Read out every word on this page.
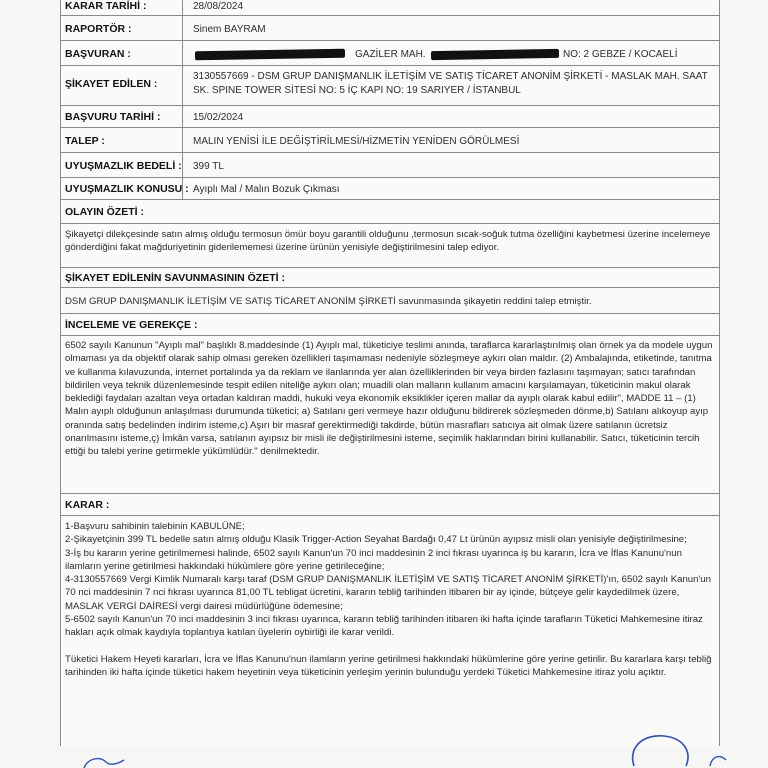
KARAR TARİHİ :	28/08/2024
RAPORTÖR :	Sinem BAYRAM
BAŞVURAN :	GAZİLER MAH.	NO: 2 GEBZE / KOCAELİ
ŞİKAYET EDİLEN :
3130557669 - DSM GRUP DANIŞMANLIK İLETİŞİM VE SATIŞ TİCARET ANONİM ŞİRKETİ - MASLAK MAH. SAAT SK. SPINE TOWER SİTESİ NO: 5 İÇ KAPI NO: 19 SARIYER / İSTANBUL
BAŞVURU TARİHİ :	15/02/2024
TALEP :	MALIN YENİSİ İLE DEĞİŞTİRİLMESİ/HİZMETİN YENİDEN GÖRÜLMESİ
UYUŞMAZLIK BEDELİ : 399 TL
UYUŞMAZLIK KONUSU : Ayıplı Mal / Malın Bozuk Çıkması
OLAYIN ÖZETİ :
Şikayetçi dilekçesinde satın almış olduğu termosun ömür boyu garantili olduğunu ,termosun sıcak-soğuk tutma özelliğini kaybetmesi üzerine incelemeye gönderdiğini fakat mağduriyetinin giderilememesi üzerine ürünün yenisiyle değiştirilmesini talep ediyor.
ŞİKAYET EDİLENİN SAVUNMASININ ÖZETİ :
DSM GRUP DANIŞMANLIK İLETİŞİM VE SATIŞ TİCARET ANONİM ŞİRKETİ savunmasında şikayetin reddini talep etmiştir.
İNCELEME VE GEREKÇE :
6502 sayılı Kanunun "Ayıplı mal" başlıklı 8.maddesinde (1) Ayıplı mal, tüketiciye teslimi anında, taraflarca kararlaştırılmış olan örnek ya da modele uygun olmaması ya da objektif olarak sahip olması gereken özellikleri taşımaması nedeniyle sözleşmeye aykırı olan maldır. (2) Ambalajında, etiketinde, tanıtma ve kullanma kılavuzunda, internet portalında ya da reklam ve ilanlarında yer alan özelliklerinden bir veya birden fazlasını taşımayan; satıcı tarafından bildirilen veya teknik düzenlemesinde tespit edilen niteliğe aykırı olan; muadili olan malların kullanım amacını karşılamayan, tüketicinin makul olarak beklediği faydaları azaltan veya ortadan kaldıran maddi, hukuki veya ekonomik eksiklikler içeren mallar da ayıplı olarak kabul edilir", MADDE 11 – (1) Malın ayıplı olduğunun anlaşılması durumunda tüketici; a) Satılanı geri vermeye hazır olduğunu bildirerek sözleşmeden dönme,b) Satılanı alıkoyup ayıp oranında satış bedelinden indirim isteme,c) Aşırı bir masraf gerektirmediği takdirde, bütün masrafları satıcıya ait olmak üzere satılanın ücretsiz onarılmasını isteme,ç) İmkân varsa, satılanın ayıpsız bir misli ile değiştirilmesini isteme, seçimlik haklarından birini kullanabilir. Satıcı, tüketicinin tercih ettiği bu talebi yerine getirmekle yükümlüdür." denilmektedir.
KARAR :

1-Başvuru sahibinin talebinin KABULÜNE;

2-Şikayetçinin 399 TL bedelle satın almış olduğu Klasik Trigger-Action Seyahat Bardağı 0,47 Lt ürünün ayıpsız misli olan yenisiyle değiştirilmesine;

3-İş bu kararın yerine getirilmemesi halinde, 6502 sayılı Kanun'un 70 inci maddesinin 2 inci fıkrası uyarınca iş bu kararın, İcra ve İflas Kanunu'nun ilamların yerine getirilmesi hakkındaki hükümlere göre yerine getirileceğine;

4-3130557669 Vergi Kimlik Numaralı karşı taraf (DSM GRUP DANIŞMANLIK İLETİŞİM VE SATIŞ TİCARET ANONİM ŞİRKETİ)'ın, 6502 sayılı Kanun'un 70 nci maddesinin 7 nci fıkrası uyarınca 81,00 TL tebligat ücretini, kararın tebliğ tarihinden itibaren bir ay içinde, bütçeye gelir kaydedilmek üzere, MASLAK VERGİ DAİRESİ vergi dairesi müdürlüğüne ödemesine;

5-6502 sayılı Kanun'un 70 inci maddesinin 3 inci fıkrası uyarınca, kararın tebliğ tarihinden itibaren iki hafta içinde tarafların Tüketici Mahkemesine itiraz hakları açık olmak kaydıyla toplantıya katılan üyelerin oybirliği ile karar verildi.

Tüketici Hakem Heyeti kararları, İcra ve İflas Kanunu'nun ilamların yerine getirilmesi hakkındaki hükümlerine göre yerine getirilir. Bu kararlara karşı tebliğ tarihinden iki hafta içinde tüketici hakem heyetinin veya tüketicinin yerleşim yerinin bulunduğu yerdeki Tüketici Mahkemesine itiraz yolu açıktır.
